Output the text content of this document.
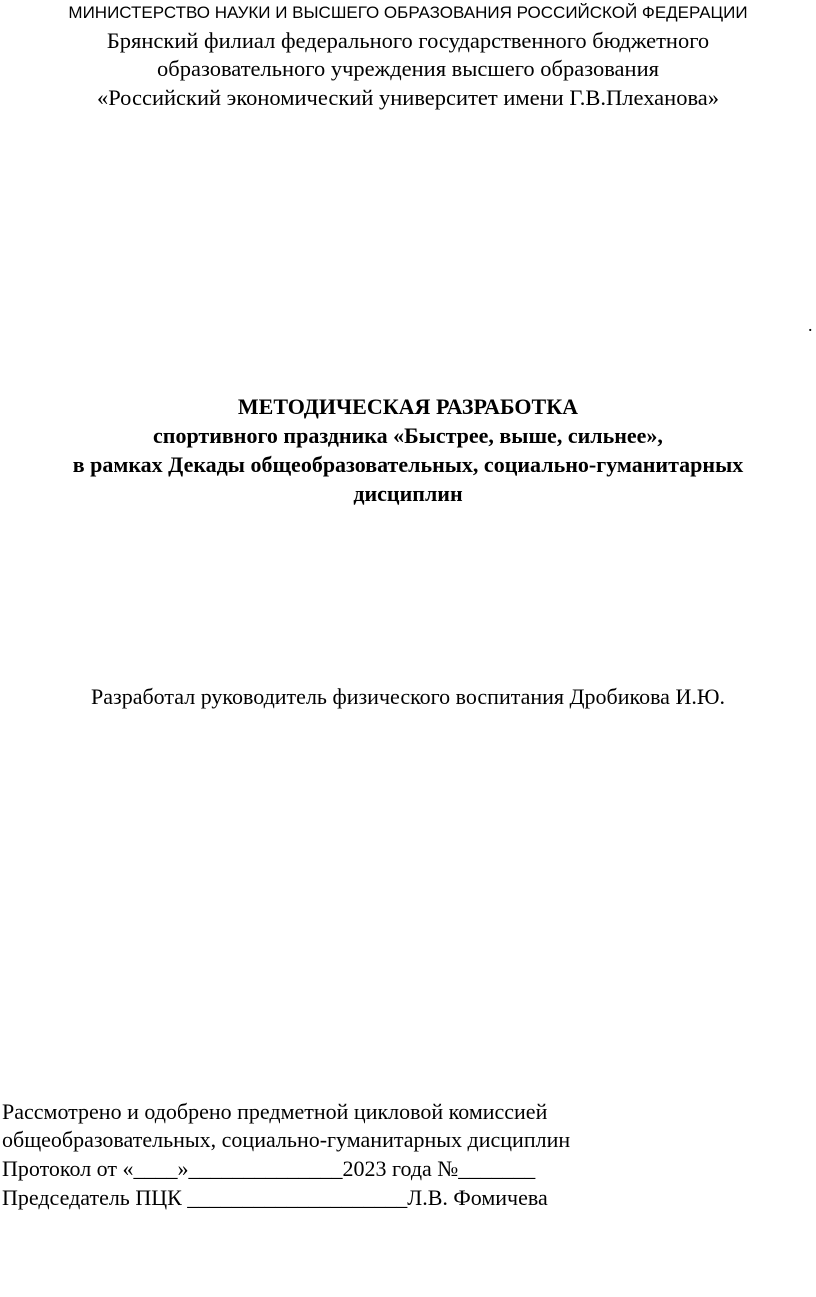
МИНИСТЕРСТВО НАУКИ И ВЫСШЕГО ОБРАЗОВАНИЯ РОССИЙСКОЙ ФЕДЕРАЦИИ
Брянский филиал федерального государственного бюджетного
образовательного учреждения высшего образования
«Российский экономический университет имени Г.В.Плеханова»
.
МЕТОДИЧЕСКАЯ РАЗРАБОТКА
спортивного праздника «Быстрее, выше, сильнее»,
в рамках Декады общеобразовательных, социально-гуманитарных
дисциплин
Разработал руководитель физического воспитания Дробикова И.Ю.
Рассмотрено и одобрено предметной цикловой комиссией
общеобразовательных, социально-гуманитарных дисциплин
Протокол от «____»______________2023 года №_______
Председатель ПЦК ____________________Л.В. Фомичева
